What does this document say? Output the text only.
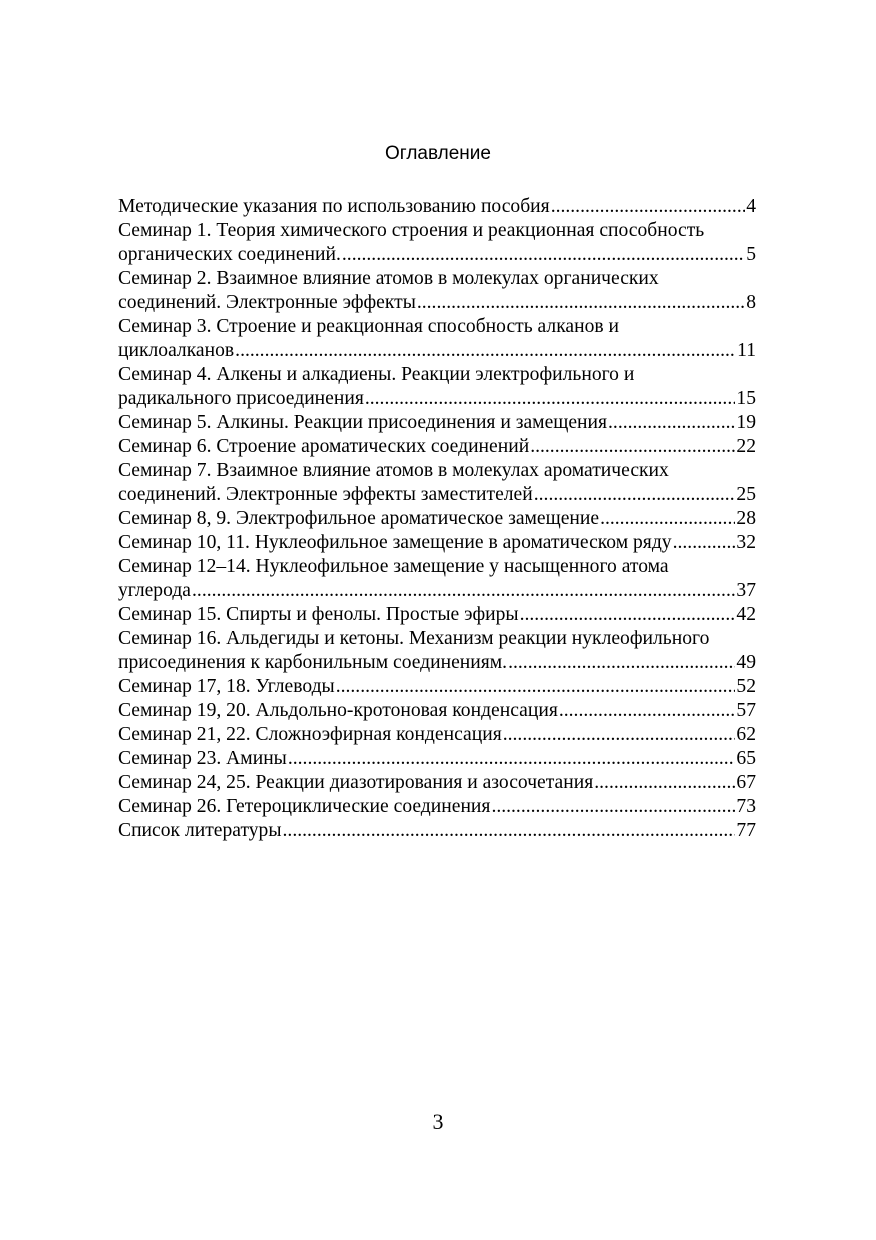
Оглавление
Методические указания по использованию пособия .....	4
Семинар 1. Теория химического строения и реакционная способность
органических соединений. .....	5
Семинар 2. Взаимное влияние атомов в молекулах органических
соединений. Электронные эффекты .....	8
Семинар 3. Строение и реакционная способность алканов и
циклоалканов .....	11
Семинар 4. Алкены и алкадиены. Реакции электрофильного и
радикального присоединения .....	15
Семинар 5. Алкины. Реакции присоединения и замещения .....	19
Семинар 6. Строение ароматических соединений .....	22
Семинар 7. Взаимное влияние атомов в молекулах ароматических
соединений. Электронные эффекты заместителей .....	25
Семинар 8, 9. Электрофильное ароматическое замещение .....	28
Семинар 10, 11. Нуклеофильное замещение в ароматическом ряду .....	32
Семинар 12–14. Нуклеофильное замещение у насыщенного атома
углерода .....	37
Семинар 15. Спирты и фенолы. Простые эфиры .....	42
Семинар 16. Альдегиды и кетоны. Механизм реакции нуклеофильного
присоединения к карбонильным соединениям. .....	49
Семинар 17, 18. Углеводы .....	52
Семинар 19, 20. Альдольно-кротоновая конденсация .....	57
Семинар 21, 22. Сложноэфирная конденсация .....	62
Семинар 23. Амины .....	65
Семинар 24, 25. Реакции диазотирования и азосочетания .....	67
Семинар 26. Гетероциклические соединения .....	73
Список литературы .....	77
3
